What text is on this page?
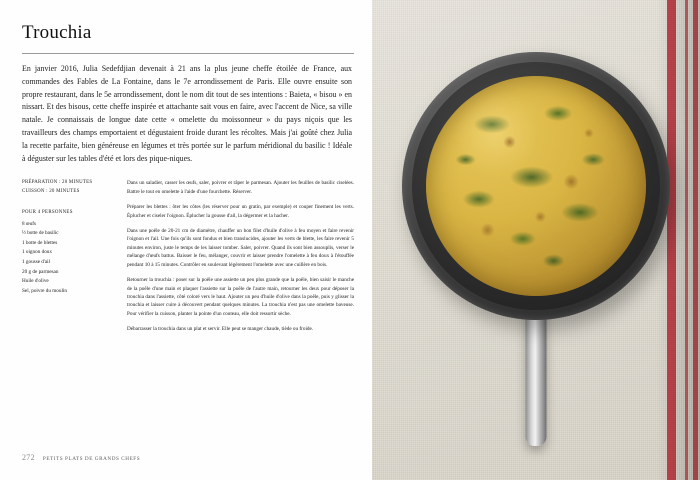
Trouchia

En janvier 2016, Julia Sedefdjian devenait à 21 ans la plus jeune cheffe étoilée de France, aux commandes des Fables de La Fontaine, dans le 7e arrondissement de Paris. Elle ouvre ensuite son propre restaurant, dans le 5e arrondissement, dont le nom dit tout de ses intentions : Baieta, « bisou » en nissart. Et des bisous, cette cheffe inspirée et attachante sait vous en faire, avec l'accent de Nice, sa ville natale. Je connaissais de longue date cette « omelette du moissonneur » du pays niçois que les travailleurs des champs emportaient et dégustaient froide durant les récoltes. Mais j'ai goûté chez Julia la recette parfaite, bien généreuse en légumes et très portée sur le parfum méridional du basilic ! Idéale à déguster sur les tables d'été et lors des pique-niques.

PRÉPARATION : 20 MINUTES
CUISSON : 20 MINUTES
POUR 4 PERSONNES
8 œufs
½ botte de basilic
1 botte de blettes
1 oignon doux
1 gousse d'ail
20 g de parmesan
Huile d'olive
Sel, poivre du moulin

Dans un saladier, casser les œufs, saler, poivrer et râper le parmesan. Ajouter les feuilles de basilic ciselées. Battre le tout en omelette à l'aide d'une fourchette. Réserver.

Préparer les blettes : ôter les côtes (les réserver pour un gratin, par exemple) et couper finement les verts. Éplucher et ciseler l'oignon. Éplucher la gousse d'ail, la dégermer et la hacher.

Dans une poêle de 20-21 cm de diamètre, chauffer un bon filet d'huile d'olive à feu moyen et faire revenir l'oignon et l'ail. Une fois qu'ils sont fondus et bien translucides, ajouter les verts de blette, les faire revenir 5 minutes environ, juste le temps de les laisser tomber. Saler, poivrer. Quand ils sont bien assouplis, verser le mélange d'œufs battus. Baisser le feu, mélanger, couvrir et laisser prendre l'omelette à feu doux à l'étouffée pendant 10 à 15 minutes. Contrôler en soulevant légèrement l'omelette avec une cuillère en bois.

Retourner la trouchia : poser sur la poêle une assiette un peu plus grande que la poêle, bien saisir le manche de la poêle d'une main et plaquer l'assiette sur la poêle de l'autre main, retourner les deux pour déposer la trouchia dans l'assiette, côté coloré vers le haut. Ajouter un peu d'huile d'olive dans la poêle, puis y glisser la trouchia et laisser cuire à découvert pendant quelques minutes. La trouchia n'est pas une omelette baveuse. Pour vérifier la cuisson, planter la pointe d'un couteau, elle doit ressortir sèche.

Débarrasser la trouchia dans un plat et servir. Elle peut se manger chaude, tiède ou froide.

272 PETITS PLATS DE GRANDS CHEFS
